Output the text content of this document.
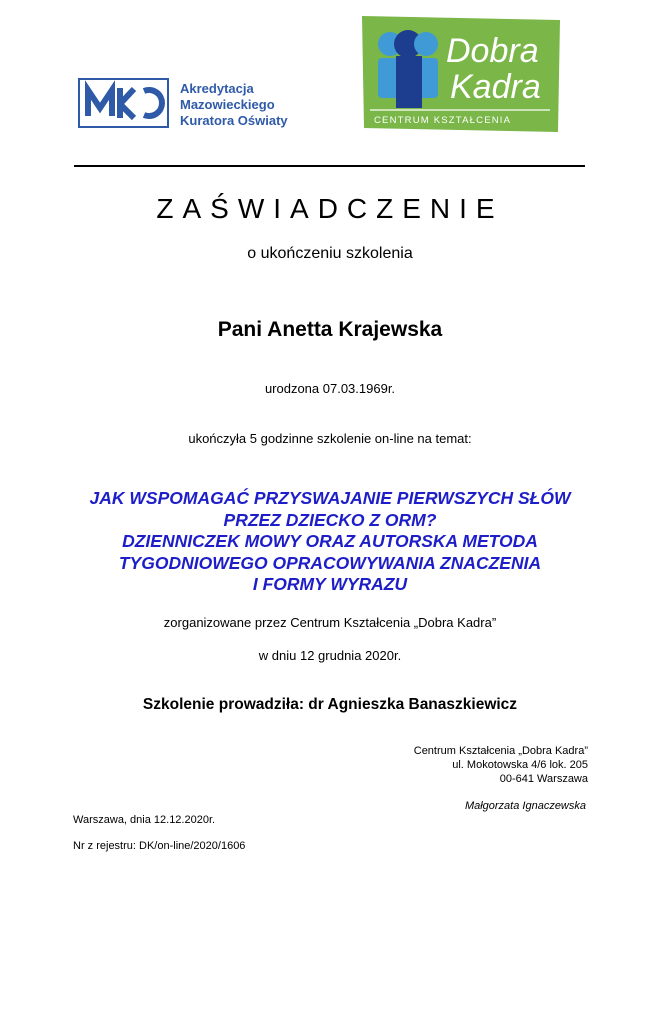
Akredytacja
Mazowieckiego
Kuratora Oświaty
Dobra
Kadra
CENTRUM KSZTAŁCENIA
ZAŚWIADCZENIE
o ukończeniu szkolenia
Pani Anetta Krajewska
urodzona 07.03.1969r.
ukończyła 5 godzinne szkolenie on-line na temat:
JAK WSPOMAGAĆ PRZYSWAJANIE PIERWSZYCH SŁÓW
PRZEZ DZIECKO Z ORM?
DZIENNICZEK MOWY ORAZ AUTORSKA METODA
TYGODNIOWEGO OPRACOWYWANIA ZNACZENIA
I FORMY WYRAZU
zorganizowane przez Centrum Kształcenia „Dobra Kadra”
w dniu 12 grudnia 2020r.
Szkolenie prowadziła: dr Agnieszka Banaszkiewicz
Centrum Kształcenia „Dobra Kadra”
ul. Mokotowska 4/6 lok. 205
00-641 Warszawa
Małgorzata Ignaczewska
Warszawa, dnia 12.12.2020r.
Nr z rejestru: DK/on-line/2020/1606
